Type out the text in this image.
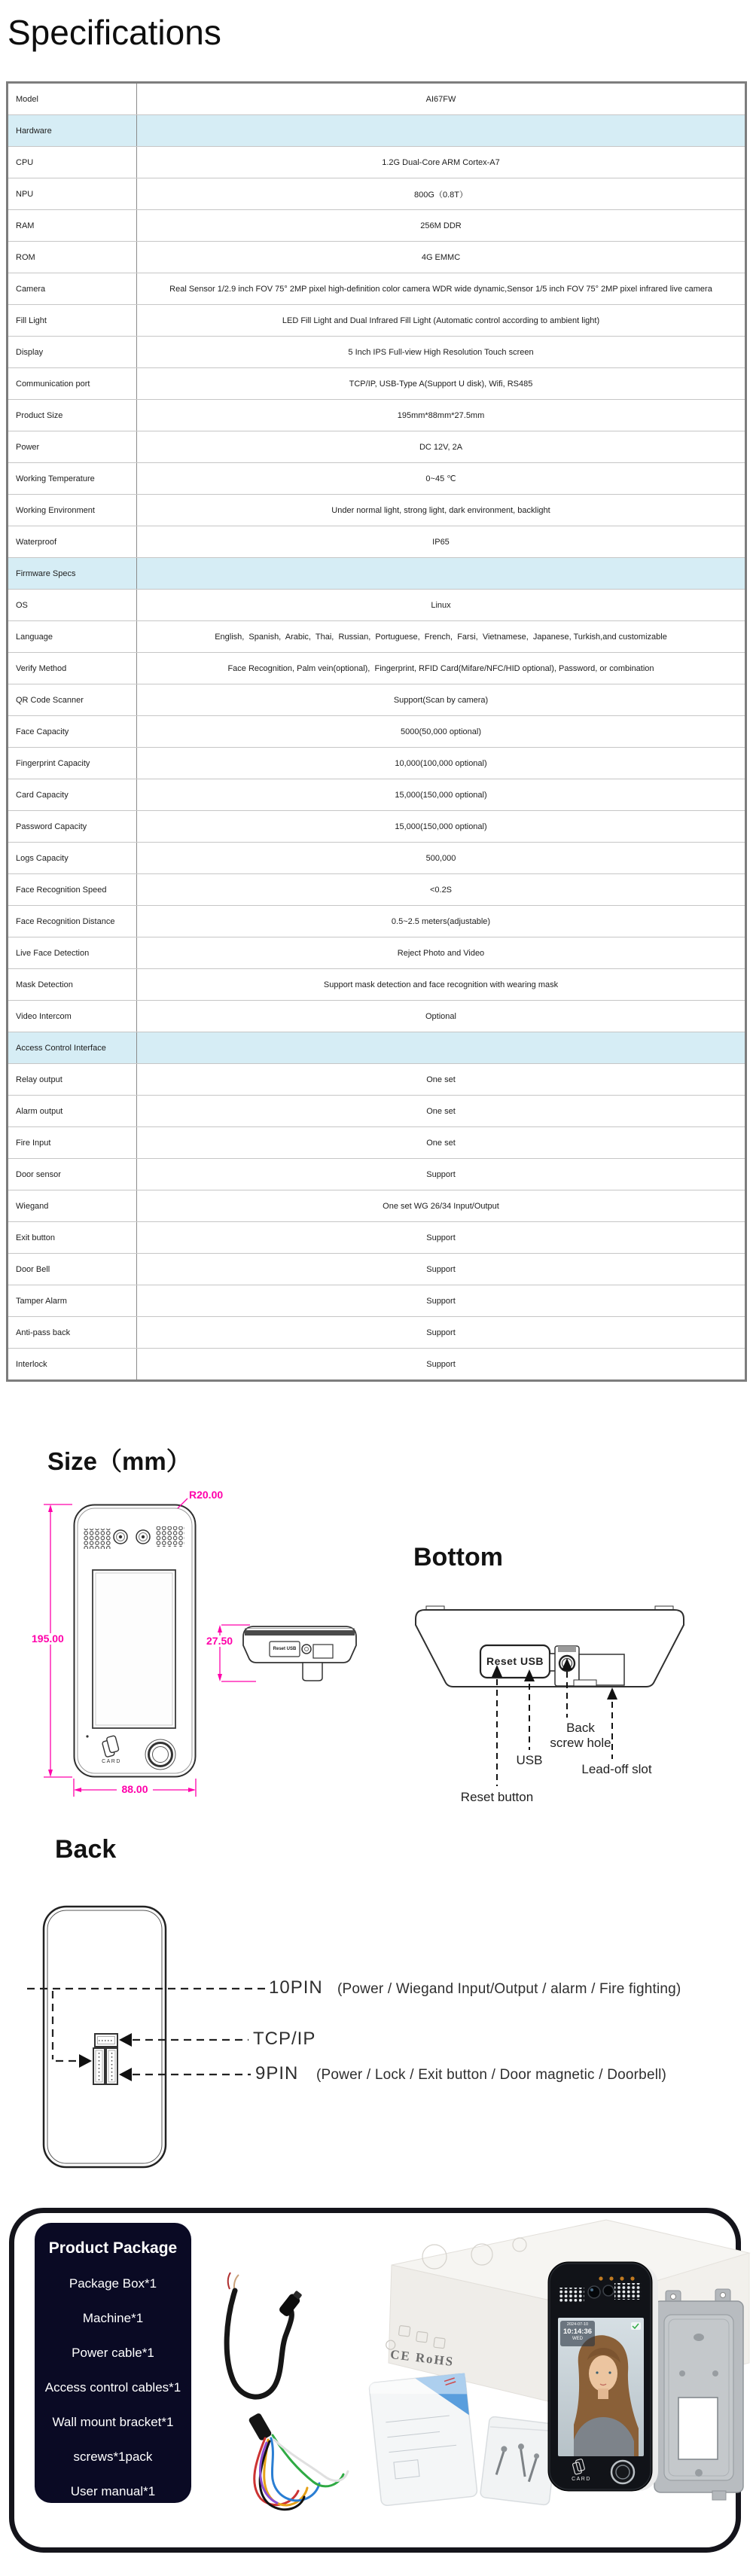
Specifications
Model	AI67FW
Hardware	
CPU	1.2G Dual-Core ARM Cortex-A7
NPU	800G（0.8T）
RAM	256M DDR
ROM	4G EMMC
Camera	Real Sensor 1/2.9 inch FOV 75° 2MP pixel high-definition color camera WDR wide dynamic,Sensor 1/5 inch FOV 75° 2MP pixel infrared live camera
Fill Light	LED Fill Light and Dual Infrared Fill Light (Automatic control according to ambient light)
Display	5 Inch IPS Full-view High Resolution Touch screen
Communication port	TCP/IP, USB-Type A(Support U disk), Wifi, RS485
Product Size	195mm*88mm*27.5mm
Power	DC 12V, 2A
Working Temperature	0~45 ℃
Working Environment	Under normal light, strong light, dark environment, backlight
Waterproof	IP65
Firmware Specs	
OS	Linux
Language	English,  Spanish,  Arabic,  Thai,  Russian,  Portuguese,  French,  Farsi,  Vietnamese,  Japanese, Turkish,and customizable
Verify Method	Face Recognition, Palm vein(optional),  Fingerprint, RFID Card(Mifare/NFC/HID optional), Password, or combination
QR Code Scanner	Support(Scan by camera)
Face Capacity	5000(50,000 optional)
Fingerprint Capacity	10,000(100,000 optional)
Card Capacity	15,000(150,000 optional)
Password Capacity	15,000(150,000 optional)
Logs Capacity	500,000
Face Recognition Speed	<0.2S
Face Recognition Distance	0.5~2.5 meters(adjustable)
Live Face Detection	Reject Photo and Video
Mask Detection	Support mask detection and face recognition with wearing mask
Video Intercom	Optional
Access Control Interface	
Relay output	One set
Alarm output	One set
Fire Input	One set
Door sensor	Support
Wiegand	One set WG 26/34 Input/Output
Exit button	Support
Door Bell	Support
Tamper Alarm	Support
Anti-pass back	Support
Interlock	Support
Size（mm）
R20.00
195.00
88.00
27.50
Reset USB
CARD
Bottom
Reset USB
Reset button
USB
Back screw hole
Lead-off slot
Back
10PIN (Power / Wiegand Input/Output / alarm / Fire fighting)
TCP/IP
9PIN (Power / Lock / Exit button / Door magnetic / Doorbell)
Product Package
Package Box*1
Machine*1
Power cable*1
Access control cables*1
Wall mount bracket*1
screws*1pack
User manual*1
CE RoHS
2024-07-10
10:14:36
WED
CARD
